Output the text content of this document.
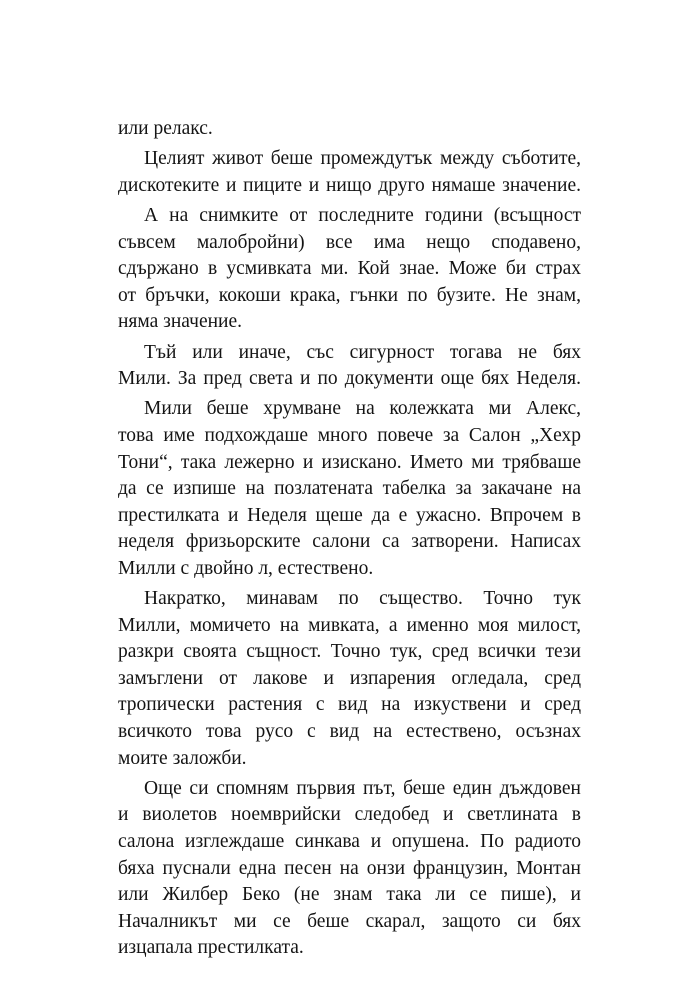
или релакс.
Целият живот беше промеждутък между съботите,
дискотеките и пиците и нищо друго нямаше значение.
А на снимките от последните години (всъщност
съвсем малобройни) все има нещо сподавено,
сдържано в усмивката ми. Кой знае. Може би страх
от бръчки, кокоши крака, гънки по бузите. Не знам,
няма значение.
Тъй или иначе, със сигурност тогава не бях
Мили. За пред света и по документи още бях Неделя.
Мили беше хрумване на колежката ми Алекс,
това име подхождаше много повече за Салон „Хехр
Тони“, така лежерно и изискано. Името ми трябваше
да се изпише на позлатената табелка за закачане на
престилката и Неделя щеше да е ужасно. Впрочем в
неделя фризьорските салони са затворени. Написах
Милли с двойно л, естествено.
Накратко, минавам по същество. Точно тук
Милли, момичето на мивката, а именно моя милост,
разкри своята същност. Точно тук, сред всички тези
замъглени от лакове и изпарения огледала, сред
тропически растения с вид на изкуствени и сред
всичкото това русо с вид на естествено, осъзнах
моите заложби.
Още си спомням първия път, беше един дъждовен
и виолетов ноемврийски следобед и светлината в
салона изглеждаше синкава и опушена. По радиото
бяха пуснали една песен на онзи французин, Монтан
или Жилбер Беко (не знам така ли се пише), и
Началникът ми се беше скарал, защото си бях
изцапала престилката.
